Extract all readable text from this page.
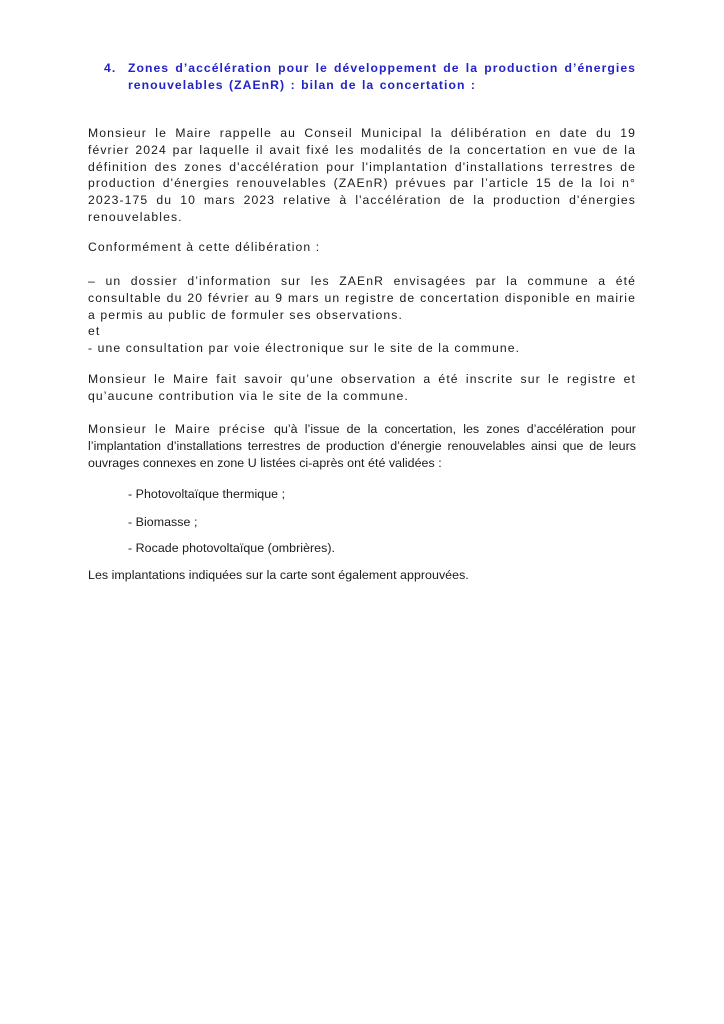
4. Zones d’accélération pour le développement de la production d’énergies
renouvelables (ZAEnR) : bilan de la concertation :
Monsieur le Maire rappelle au Conseil Municipal la délibération en date du 19
février 2024 par laquelle il avait fixé les modalités de la concertation en vue de la
définition des zones d'accélération pour l'implantation d'installations terrestres de
production d'énergies renouvelables (ZAEnR) prévues par l’article 15 de la loi n°
2023-175 du 10 mars 2023 relative à l'accélération de la production d'énergies
renouvelables.
Conformément à cette délibération :
– un dossier d’information sur les ZAEnR envisagées par la commune a été
consultable du 20 février au 9 mars un registre de concertation disponible en mairie
a permis au public de formuler ses observations.
et
- une consultation par voie électronique sur le site de la commune.
Monsieur le Maire fait savoir qu’une observation a été inscrite sur le registre et
qu’aucune contribution via le site de la commune.
Monsieur le Maire précise qu’à l’issue de la concertation, les zones d’accélération pour
l’implantation d’installations terrestres de production d’énergie renouvelables ainsi que de leurs
ouvrages connexes en zone U listées ci-après ont été validées :
- Photovoltaïque thermique ;
- Biomasse ;
- Rocade photovoltaïque (ombrières).
Les implantations indiquées sur la carte sont également approuvées.
